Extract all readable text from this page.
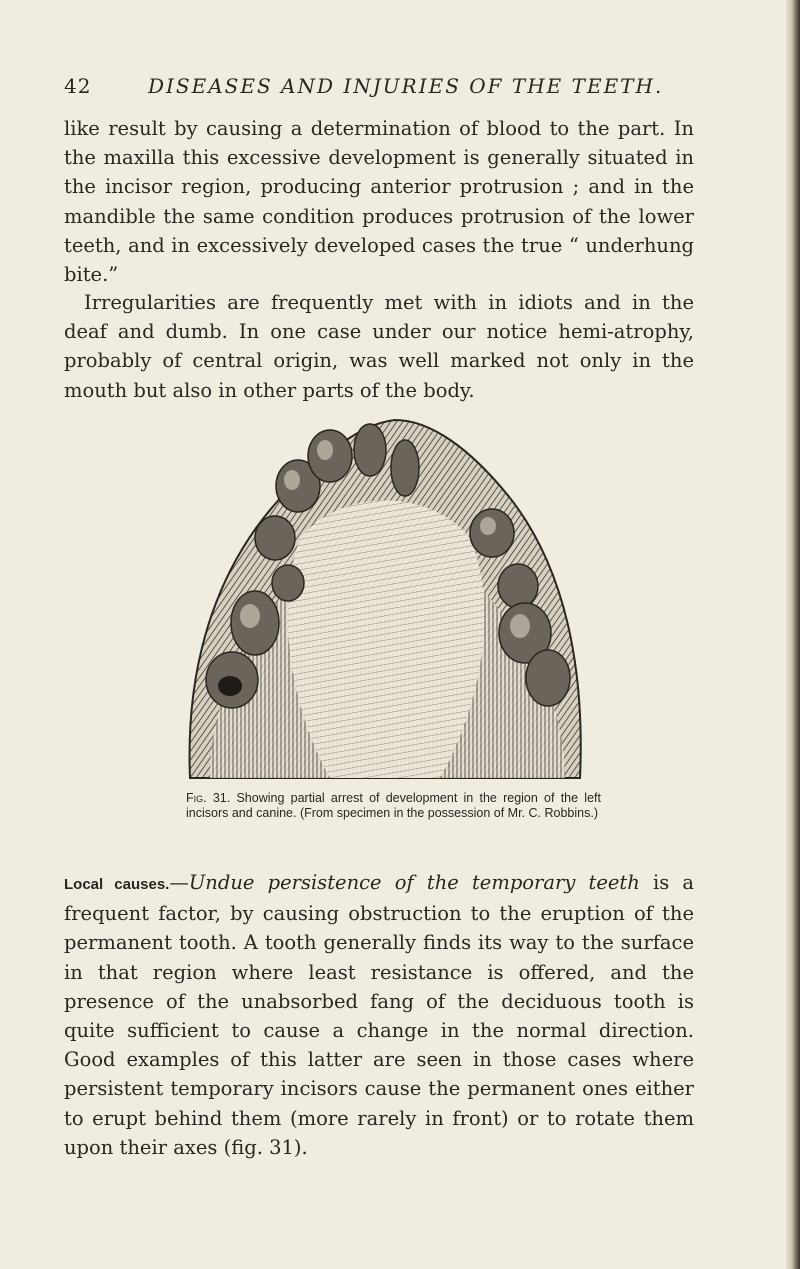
42	DISEASES AND INJURIES OF THE TEETH.

like result by causing a determination of blood to the part. In the maxilla this excessive development is generally situated in the incisor region, producing anterior protrusion ; and in the mandible the same condition produces protrusion of the lower teeth, and in excessively developed cases the true “ underhung bite.”

Irregularities are frequently met with in idiots and in the deaf and dumb. In one case under our notice hemi-atrophy, probably of central origin, was well marked not only in the mouth but also in other parts of the body.

Fig. 31. Showing partial arrest of development in the region of the left incisors and canine. (From specimen in the possession of Mr. C. Robbins.)

Local causes.—Undue persistence of the temporary teeth is a frequent factor, by causing obstruction to the eruption of the permanent tooth. A tooth generally finds its way to the surface in that region where least resistance is offered, and the presence of the unabsorbed fang of the deciduous tooth is quite sufficient to cause a change in the normal direction. Good examples of this latter are seen in those cases where persistent temporary incisors cause the permanent ones either to erupt behind them (more rarely in front) or to rotate them upon their axes (fig. 31).
